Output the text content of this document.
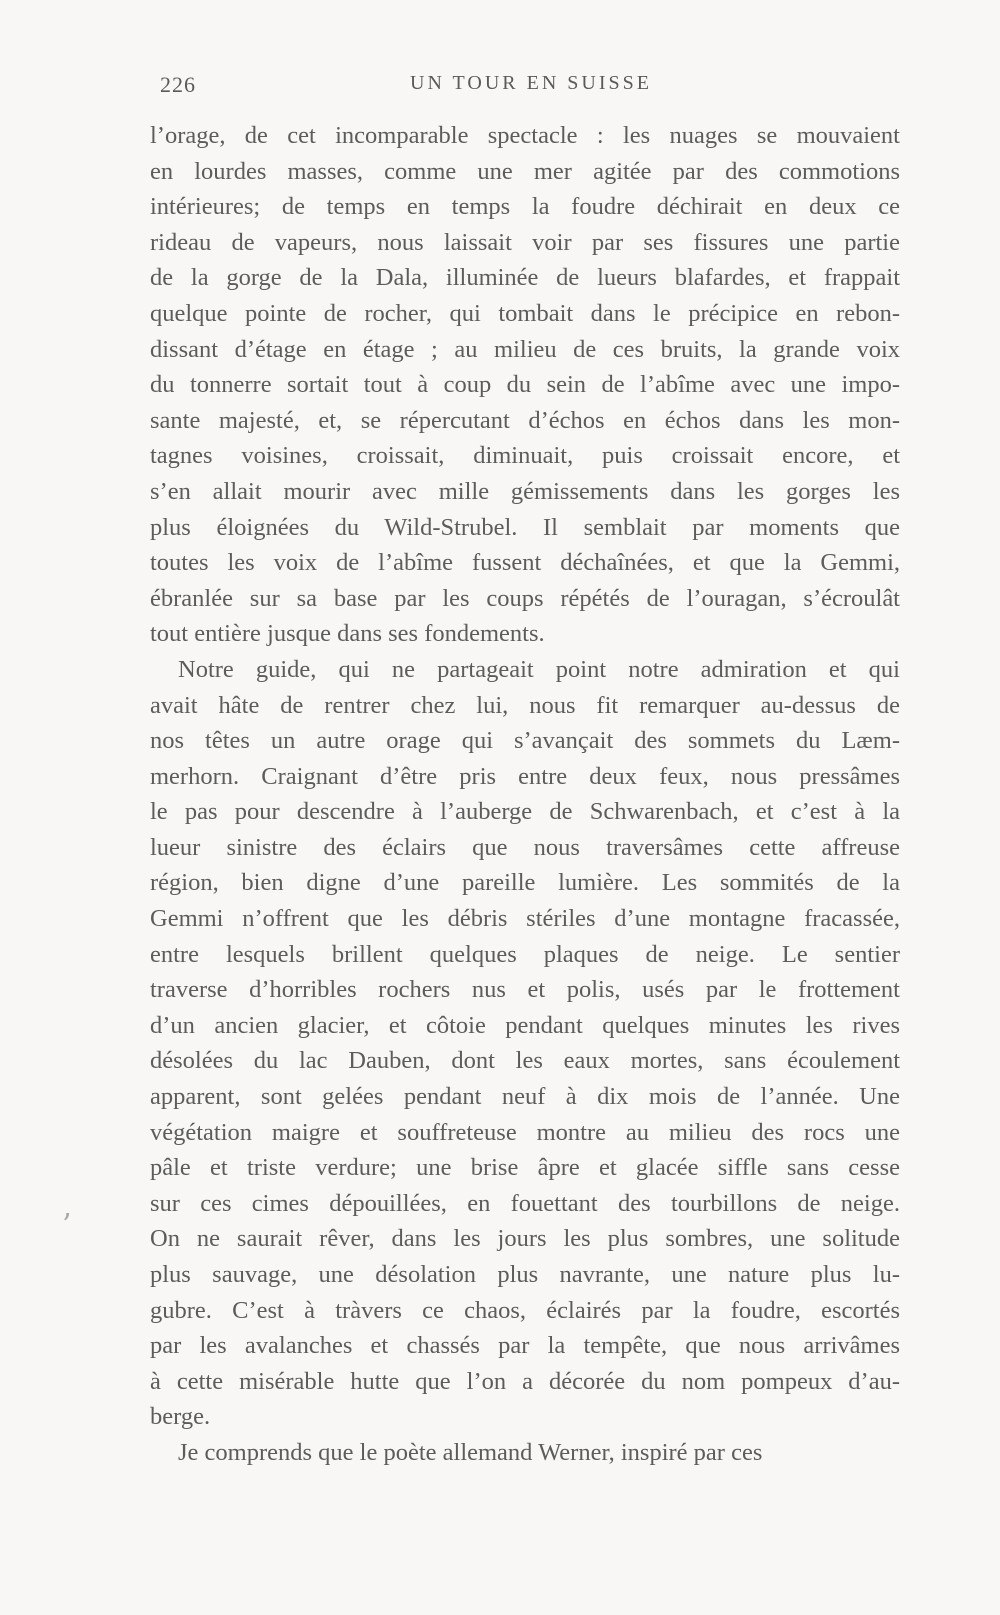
226	UN TOUR EN SUISSE
’
l’orage, de cet incomparable spectacle : les nuages se mouvaient
en lourdes masses, comme une mer agitée par des commotions
intérieures; de temps en temps la foudre déchirait en deux ce
rideau de vapeurs, nous laissait voir par ses fissures une partie
de la gorge de la Dala, illuminée de lueurs blafardes, et frappait
quelque pointe de rocher, qui tombait dans le précipice en rebon-
dissant d’étage en étage ; au milieu de ces bruits, la grande voix
du tonnerre sortait tout à coup du sein de l’abîme avec une impo-
sante majesté, et, se répercutant d’échos en échos dans les mon-
tagnes voisines, croissait, diminuait, puis croissait encore, et
s’en allait mourir avec mille gémissements dans les gorges les
plus éloignées du Wild-Strubel. Il semblait par moments que
toutes les voix de l’abîme fussent déchaînées, et que la Gemmi,
ébranlée sur sa base par les coups répétés de l’ouragan, s’écroulât
tout entière jusque dans ses fondements.
Notre guide, qui ne partageait point notre admiration et qui
avait hâte de rentrer chez lui, nous fit remarquer au-dessus de
nos têtes un autre orage qui s’avançait des sommets du Læm-
merhorn. Craignant d’être pris entre deux feux, nous pressâmes
le pas pour descendre à l’auberge de Schwarenbach, et c’est à la
lueur sinistre des éclairs que nous traversâmes cette affreuse
région, bien digne d’une pareille lumière. Les sommités de la
Gemmi n’offrent que les débris stériles d’une montagne fracassée,
entre lesquels brillent quelques plaques de neige. Le sentier
traverse d’horribles rochers nus et polis, usés par le frottement
d’un ancien glacier, et côtoie pendant quelques minutes les rives
désolées du lac Dauben, dont les eaux mortes, sans écoulement
apparent, sont gelées pendant neuf à dix mois de l’année. Une
végétation maigre et souffreteuse montre au milieu des rocs une
pâle et triste verdure; une brise âpre et glacée siffle sans cesse
sur ces cimes dépouillées, en fouettant des tourbillons de neige.
On ne saurait rêver, dans les jours les plus sombres, une solitude
plus sauvage, une désolation plus navrante, une nature plus lu-
gubre. C’est à tràvers ce chaos, éclairés par la foudre, escortés
par les avalanches et chassés par la tempête, que nous arrivâmes
à cette misérable hutte que l’on a décorée du nom pompeux d’au-
berge.
Je comprends que le poète allemand Werner, inspiré par ces
